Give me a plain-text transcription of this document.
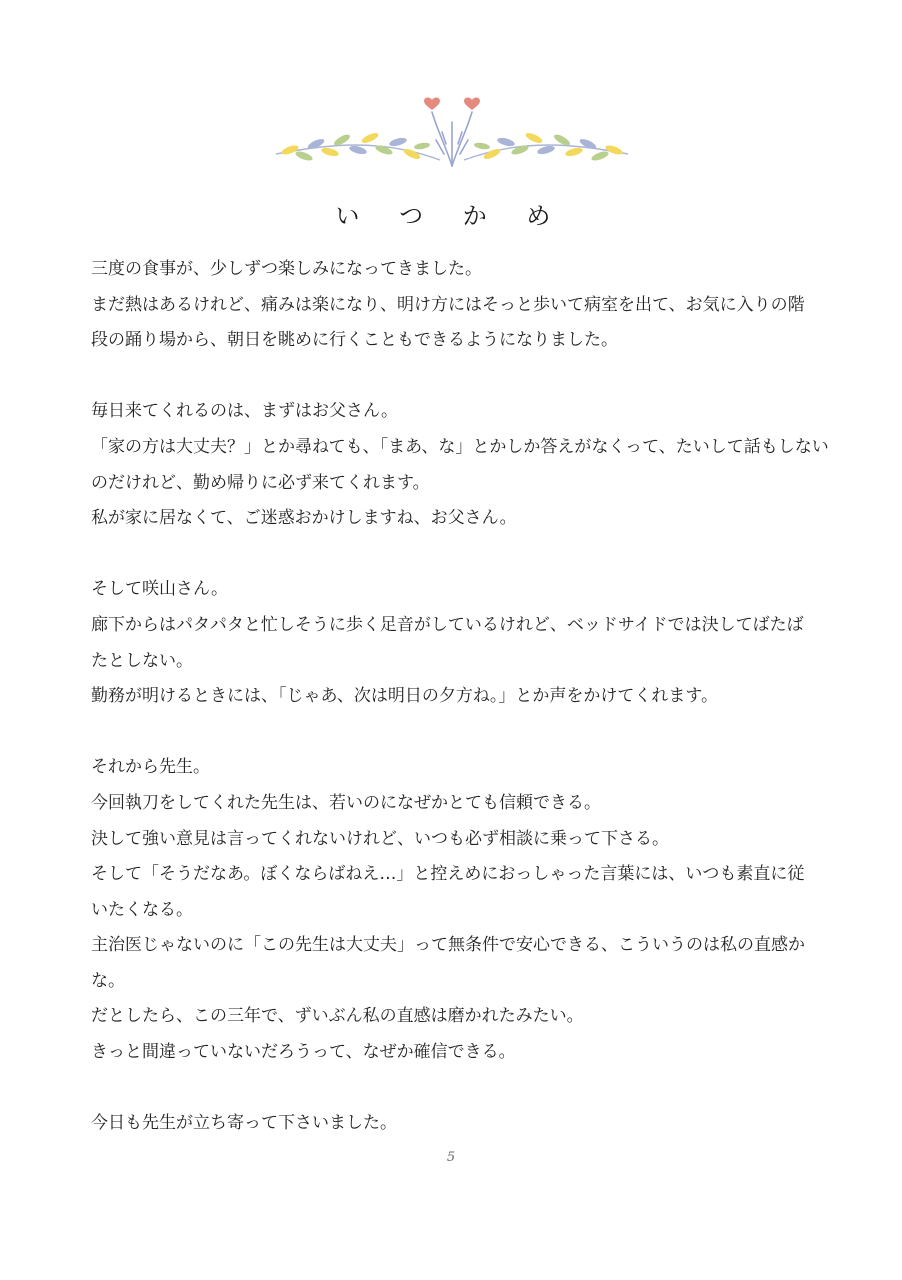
い つ か め
三度の食事が、少しずつ楽しみになってきました。
まだ熱はあるけれど、痛みは楽になり、明け方にはそっと歩いて病室を出て、お気に入りの階
段の踊り場から、朝日を眺めに行くこともできるようになりました。
毎日来てくれるのは、まずはお父さん。
「家の方は大丈夫？」とか尋ねても、「まあ、な」とかしか答えがなくって、たいして話もしない
のだけれど、勤め帰りに必ず来てくれます。
私が家に居なくて、ご迷惑おかけしますね、お父さん。
そして咲山さん。
廊下からはパタパタと忙しそうに歩く足音がしているけれど、ベッドサイドでは決してばたば
たとしない。
勤務が明けるときには、「じゃあ、次は明日の夕方ね。」とか声をかけてくれます。
それから先生。
今回執刀をしてくれた先生は、若いのになぜかとても信頼できる。
決して強い意見は言ってくれないけれど、いつも必ず相談に乗って下さる。
そして「そうだなあ。ぼくならばねえ…」と控えめにおっしゃった言葉には、いつも素直に従
いたくなる。
主治医じゃないのに「この先生は大丈夫」って無条件で安心できる、こういうのは私の直感か
な。
だとしたら、この三年で、ずいぶん私の直感は磨かれたみたい。
きっと間違っていないだろうって、なぜか確信できる。
今日も先生が立ち寄って下さいました。
5
